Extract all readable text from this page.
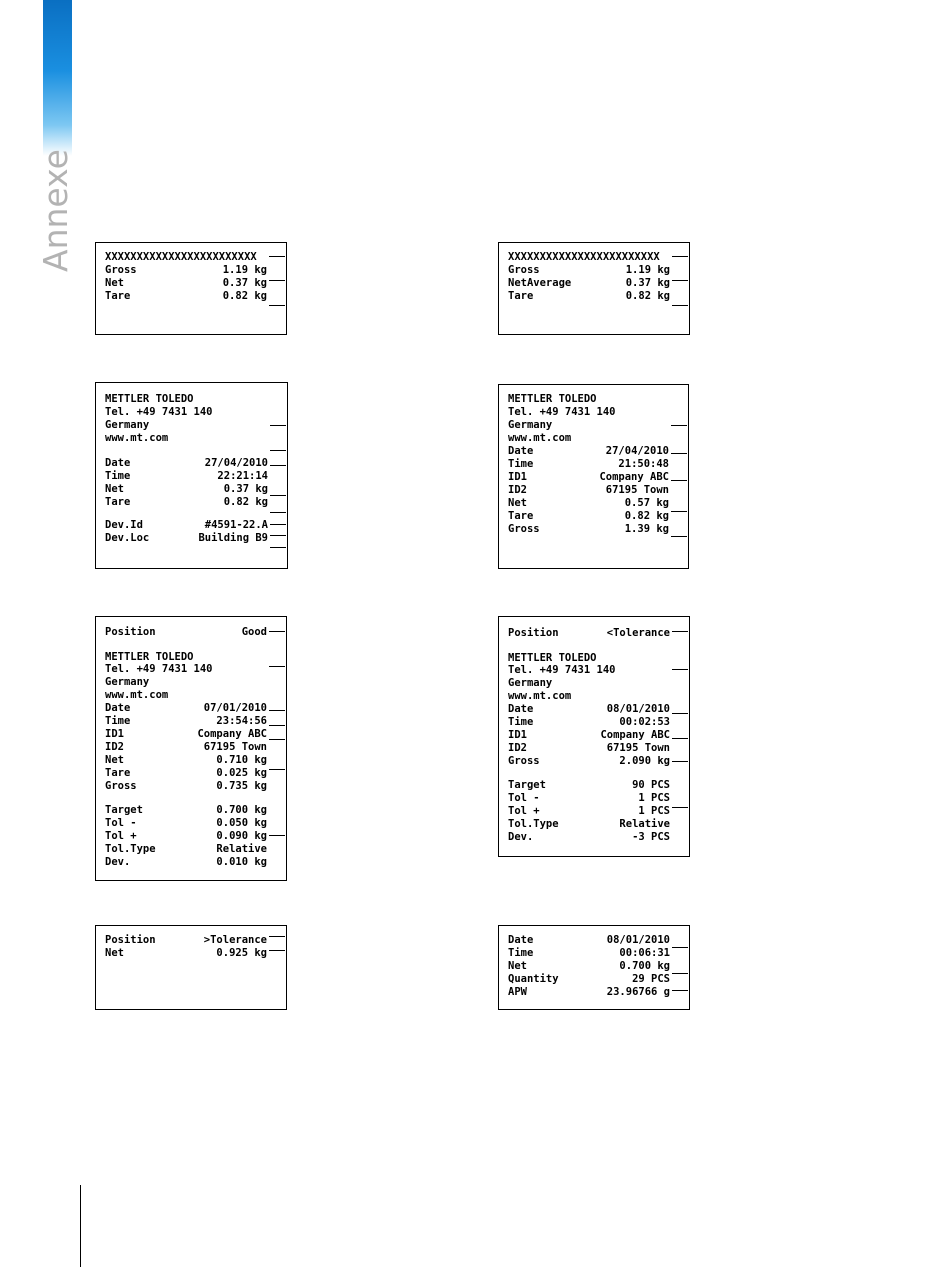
Annexe	XXXXXXXXXXXXXXXXXXXXXXXX
Gross	1.19 kg
Net	0.37 kg
Tare	0.82 kg
XXXXXXXXXXXXXXXXXXXXXXXX
Gross	1.19 kg
NetAverage	0.37 kg
Tare	0.82 kg
METTLER TOLEDO
Tel. +49 7431 140
Germany
www.mt.com
Date	27/04/2010
Time	22:21:14
Net	0.37 kg
Tare	0.82 kg
Dev.Id	#4591-22.A
Dev.Loc	Building B9
METTLER TOLEDO
Tel. +49 7431 140
Germany
www.mt.com
Date	27/04/2010
Time	21:50:48
ID1	Company ABC
ID2	67195 Town
Net	0.57 kg
Tare	0.82 kg
Gross	1.39 kg
Position	Good
METTLER TOLEDO
Tel. +49 7431 140
Germany
www.mt.com
Date	07/01/2010
Time	23:54:56
ID1	Company ABC
ID2	67195 Town
Net	0.710 kg
Tare	0.025 kg
Gross	0.735 kg
Target	0.700 kg
Tol -	0.050 kg
Tol +	0.090 kg
Tol.Type	Relative
Dev.	0.010 kg
Position	<Tolerance
METTLER TOLEDO
Tel. +49 7431 140
Germany
www.mt.com
Date	08/01/2010
Time	00:02:53
ID1	Company ABC
ID2	67195 Town
Gross	2.090 kg
Target	90 PCS
Tol -	1 PCS
Tol +	1 PCS
Tol.Type	Relative
Dev.	-3 PCS
Position	>Tolerance
Net	0.925 kg
Date	08/01/2010
Time	00:06:31
Net	0.700 kg
Quantity	29 PCS
APW	23.96766 g
